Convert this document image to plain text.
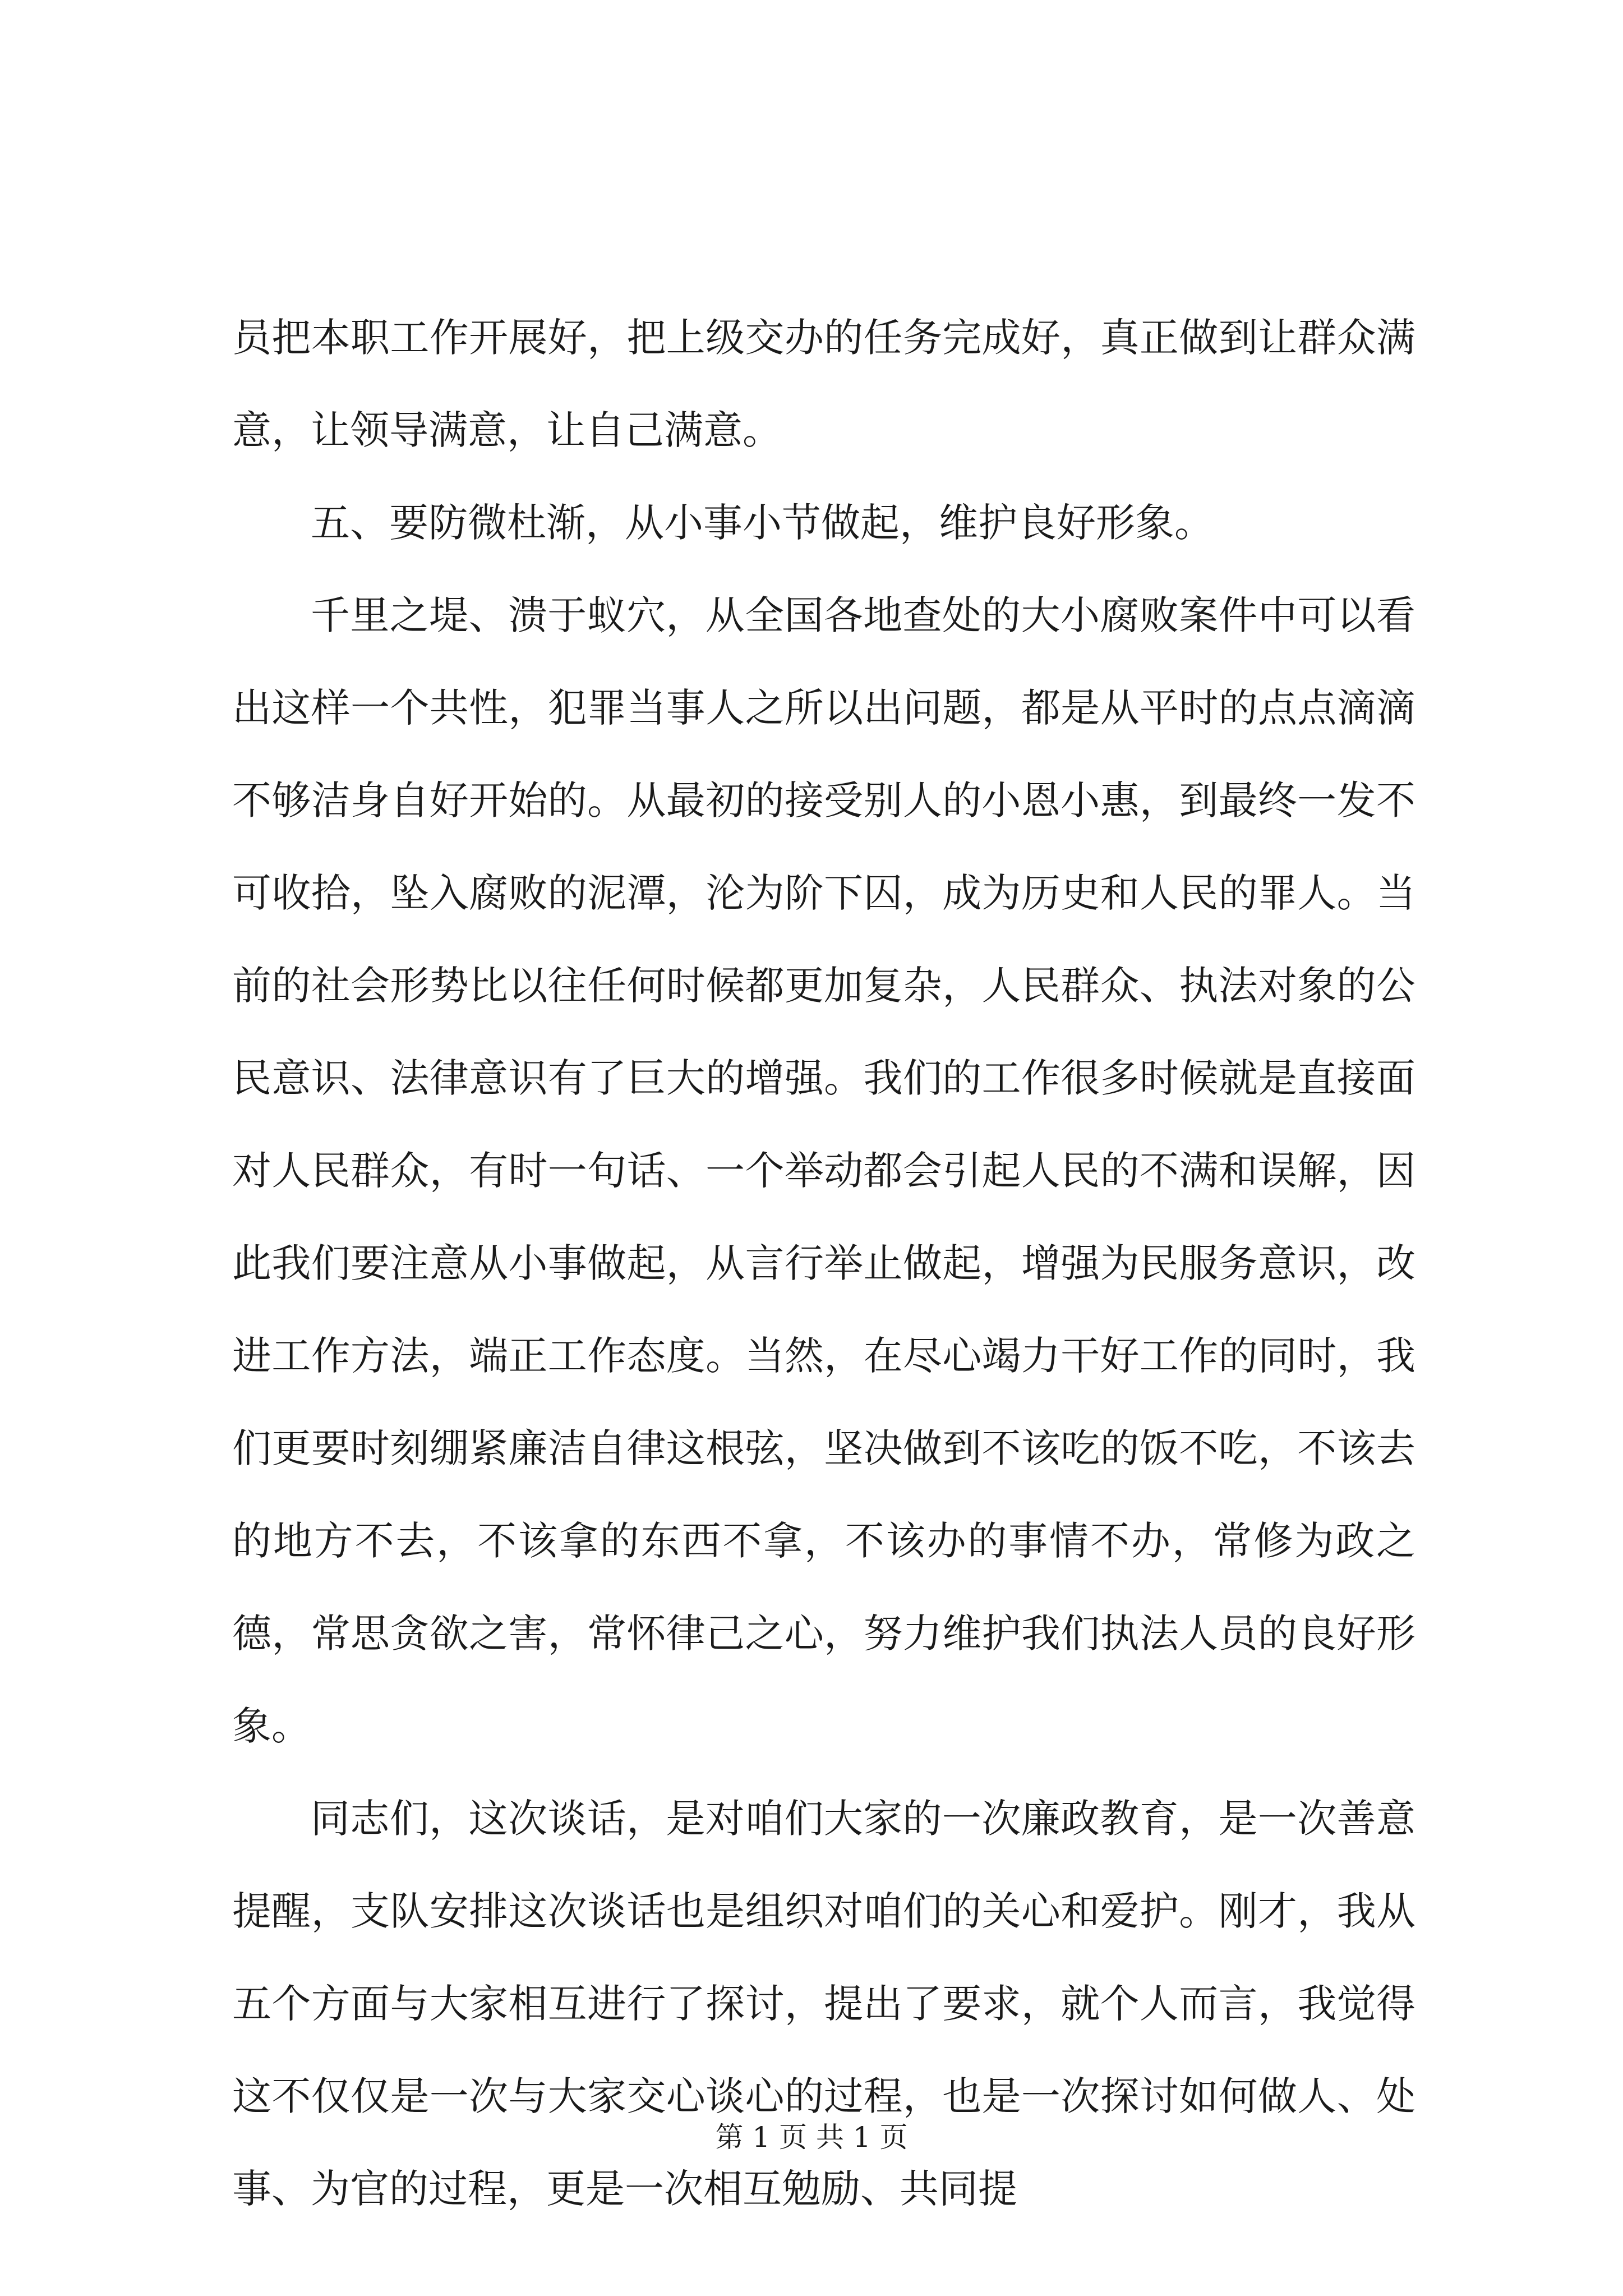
员把本职工作开展好，把上级交办的任务完成好，真正做到让群众满意，让领导满意，让自己满意。

五、要防微杜渐，从小事小节做起，维护良好形象。

千里之堤、溃于蚁穴，从全国各地查处的大小腐败案件中可以看出这样一个共性，犯罪当事人之所以出问题，都是从平时的点点滴滴不够洁身自好开始的。从最初的接受别人的小恩小惠，到最终一发不可收拾，坠入腐败的泥潭，沦为阶下囚，成为历史和人民的罪人。当前的社会形势比以往任何时候都更加复杂，人民群众、执法对象的公民意识、法律意识有了巨大的增强。我们的工作很多时候就是直接面对人民群众，有时一句话、一个举动都会引起人民的不满和误解，因此我们要注意从小事做起，从言行举止做起，增强为民服务意识，改进工作方法，端正工作态度。当然，在尽心竭力干好工作的同时，我们更要时刻绷紧廉洁自律这根弦，坚决做到不该吃的饭不吃，不该去的地方不去，不该拿的东西不拿，不该办的事情不办，常修为政之德，常思贪欲之害，常怀律己之心，努力维护我们执法人员的良好形象。

同志们，这次谈话，是对咱们大家的一次廉政教育，是一次善意提醒，支队安排这次谈话也是组织对咱们的关心和爱护。刚才，我从五个方面与大家相互进行了探讨，提出了要求，就个人而言，我觉得这不仅仅是一次与大家交心谈心的过程，也是一次探讨如何做人、处事、为官的过程，更是一次相互勉励、共同提

第 1 页 共 1 页
